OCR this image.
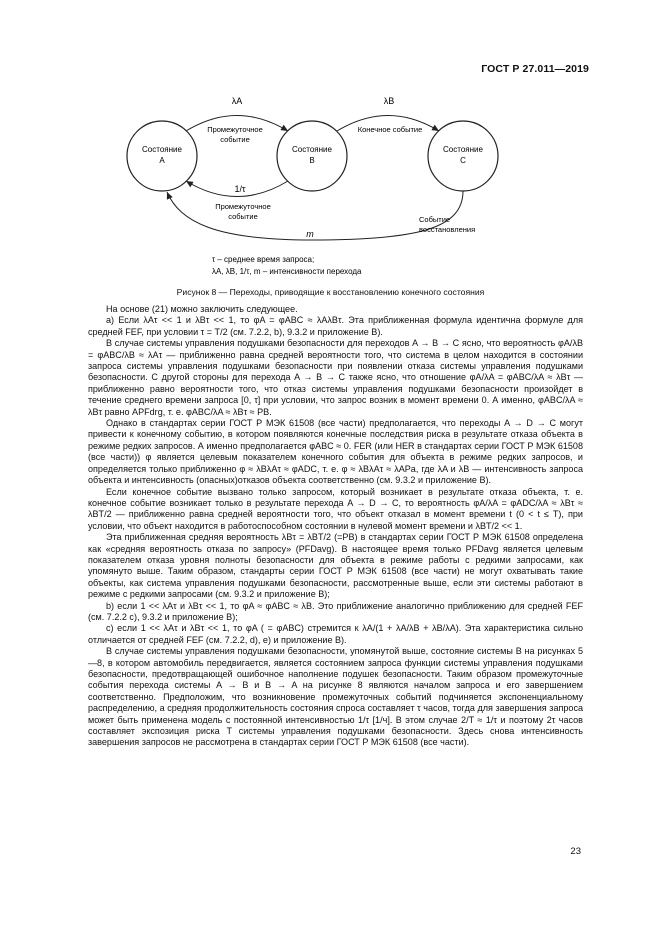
ГОСТ Р 27.011—2019
Состояние
A
Состояние
B
Состояние
C
λA	λB
1/τ
m
Промежуточное
событие
Конечное событие
Промежуточное
событие	Событие
восстановления
τ – среднее время запроса;
λA, λB, 1/τ, m – интенсивности перехода
Рисунок 8 — Переходы, приводящие к восстановлению конечного состояния

На основе (21) можно заключить следующее.

а) Если λAτ << 1 и λBτ << 1, то φA = φABC ≈ λAλBτ. Эта приближенная формула идентична формуле для средней FEF, при условии τ = T/2 (см. 7.2.2, b), 9.3.2 и приложение B).

В случае системы управления подушками безопасности для переходов A → B → C ясно, что вероятность φA/λB = φABC/λB ≈ λAτ — приближенно равна средней вероятности того, что система в целом находится в состоянии запроса системы управления подушками безопасности при появлении отказа системы управления подушками безопасности. С другой стороны для перехода A → B → C также ясно, что отношение φA/λA = φABC/λA ≈ λBτ — приближенно равно вероятности того, что отказ системы управления подушками безопасности произойдет в течение среднего времени запроса [0, τ] при условии, что запрос возник в момент времени 0. А именно, φABC/λA ≈ λBτ равно APFdrg, т. е. φABC/λA ≈ λBτ ≈ PB.

Однако в стандартах серии ГОСТ Р МЭК 61508 (все части) предполагается, что переходы A → D → C могут привести к конечному событию, в котором появляются конечные последствия риска в результате отказа объекта в режиме редких запросов. А именно предполагается φABC ≈ 0. FER (или HER в стандартах серии ГОСТ Р МЭК 61508 (все части)) φ является целевым показателем конечного события для объекта в режиме редких запросов, и определяется только приближенно φ ≈ λBλAτ ≈ φADC, т. е. φ ≈ λBλAτ ≈ λAPa, где λA и λB — интенсивность запроса объекта и интенсивность (опасных)отказов объекта соответственно (см. 9.3.2 и приложение B).

Если конечное событие вызвано только запросом, который возникает в результате отказа объекта, т. е. конечное событие возникает только в результате перехода A → D → C, то вероятность φA/λA = φADC/λA ≈ λBτ ≈ λBT/2 — приближенно равна средней вероятности того, что объект отказал в момент времени t (0 < t ≤ T), при условии, что объект находится в работоспособном состоянии в нулевой момент времени и λBT/2 << 1.

Эта приближенная средняя вероятность λBτ = λBT/2 (=PB) в стандартах серии ГОСТ Р МЭК 61508 определена как «средняя вероятность отказа по запросу» (PFDavg). В настоящее время только PFDavg является целевым показателем отказа уровня полноты безопасности для объекта в режиме работы с редкими запросами, как упомянуто выше. Таким образом, стандарты серии ГОСТ Р МЭК 61508 (все части) не могут охватывать такие объекты, как система управления подушками безопасности, рассмотренные выше, если эти системы работают в режиме с редкими запросами (см. 9.3.2 и приложение B);

b) если 1 << λAτ и λBτ << 1, то φA ≈ φABC ≈ λB. Это приближение аналогично приближению для средней FEF (см. 7.2.2 c), 9.3.2 и приложение B);

c) если 1 << λAτ и λBτ << 1, то φA ( = φABC) стремится к λA/(1 + λA/λB + λB/λA). Эта характеристика сильно отличается от средней FEF (см. 7.2.2, d), e) и приложение B).

В случае системы управления подушками безопасности, упомянутой выше, состояние системы B на рисунках 5—8, в котором автомобиль передвигается, является состоянием запроса функции системы управления подушками безопасности, предотвращающей ошибочное наполнение подушек безопасности. Таким образом промежуточные события перехода системы A → B и B → A на рисунке 8 являются началом запроса и его завершением соответственно. Предположим, что возникновение промежуточных событий подчиняется экспоненциальному распределению, а средняя продолжительность состояния спроса составляет τ часов, тогда для завершения запроса может быть применена модель с постоянной интенсивностью 1/τ [1/ч]. В этом случае 2/T ≈ 1/τ и поэтому 2τ часов составляет экспозиция риска T системы управления подушками безопасности. Здесь снова интенсивность завершения запросов не рассмотрена в стандартах серии ГОСТ Р МЭК 61508 (все части).

23
